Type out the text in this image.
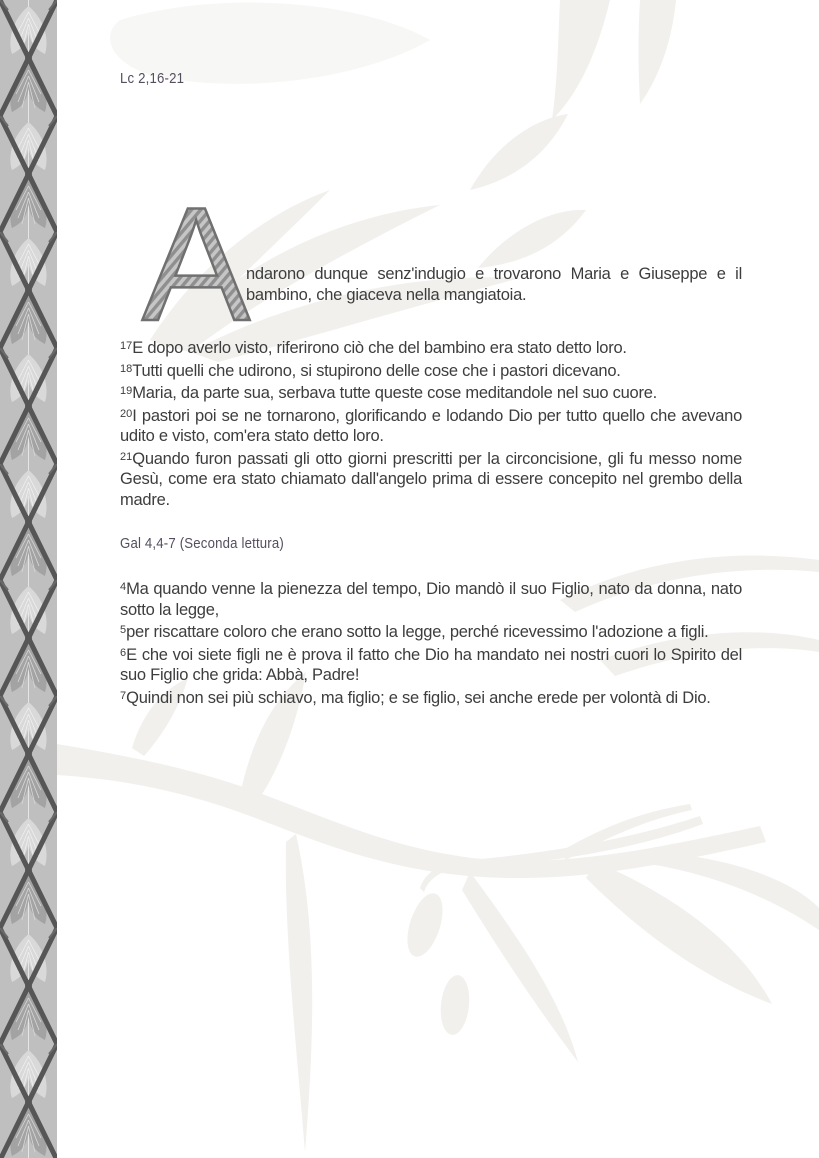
Lc 2,16-21
A

ndarono dunque senz'indugio e trovarono Maria e Giuseppe e il bambino, che giaceva nella mangiatoia.

$^{17}$E dopo averlo visto, riferirono ciò che del bambino era stato detto loro.

$^{18}$Tutti quelli che udirono, si stupirono delle cose che i pastori dicevano.

$^{19}$Maria, da parte sua, serbava tutte queste cose meditandole nel suo cuore.

$^{20}$I pastori poi se ne tornarono, glorificando e lodando Dio per tutto quello che avevano udito e visto, com'era stato detto loro.

$^{21}$Quando furon passati gli otto giorni prescritti per la circoncisione, gli fu messo nome Gesù, come era stato chiamato dall'angelo prima di essere concepito nel grembo della madre.

Gal 4,4-7 (Seconda lettura)

$^4$Ma quando venne la pienezza del tempo, Dio mandò il suo Figlio, nato da donna, nato sotto la legge,

$^5$per riscattare coloro che erano sotto la legge, perché ricevessimo l'adozione a figli.

$^6$E che voi siete figli ne è prova il fatto che Dio ha mandato nei nostri cuori lo Spirito del suo Figlio che grida: Abbà, Padre!

$^7$Quindi non sei più schiavo, ma figlio; e se figlio, sei anche erede per volontà di Dio.
